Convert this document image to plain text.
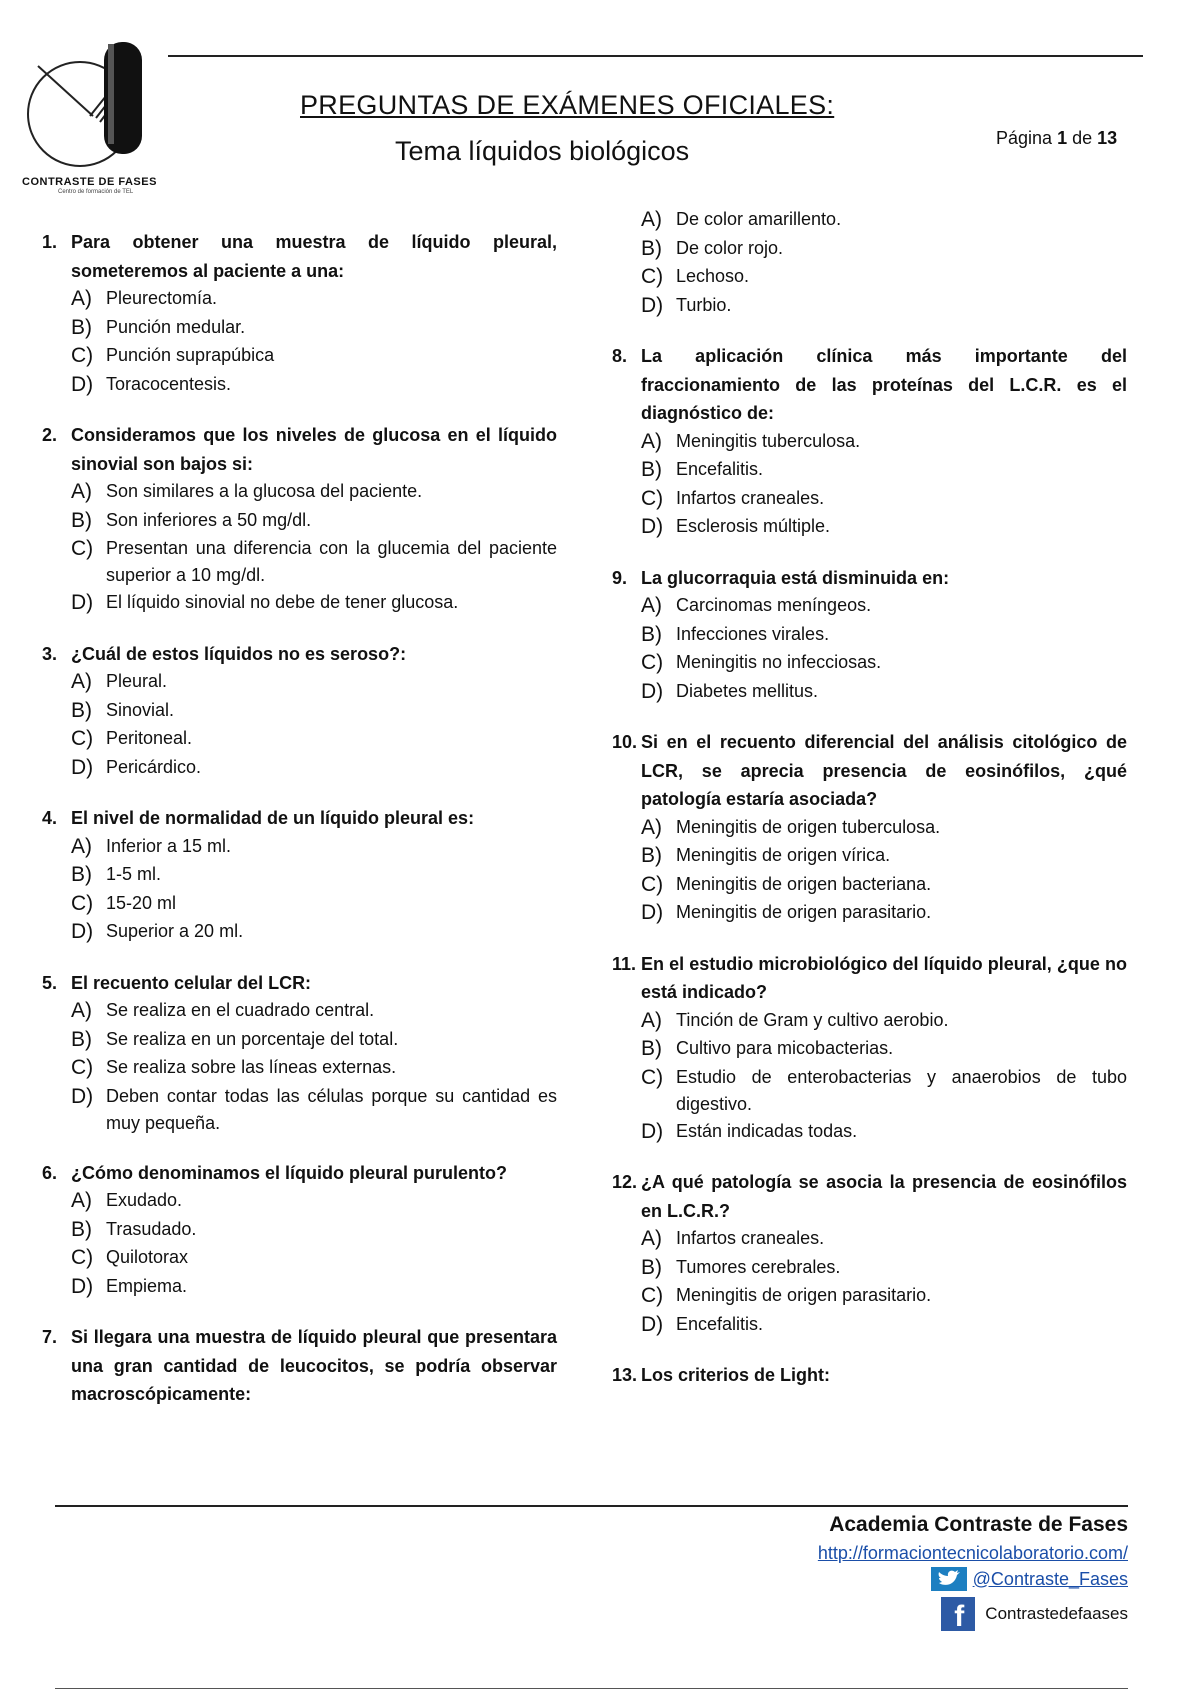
CONTRASTE DE FASES
Centro de formación de TEL
PREGUNTAS DE EXÁMENES OFICIALES:
Tema líquidos biológicos	Página 1 de 13
1. Para obtener una muestra de líquido pleural, someteremos al paciente a una:
A) Pleurectomía.
B) Punción medular.
C) Punción suprapúbica
D) Toracocentesis.
2. Consideramos que los niveles de glucosa en el líquido sinovial son bajos si:
A) Son similares a la glucosa del paciente.
B) Son inferiores a 50 mg/dl.
C) Presentan una diferencia con la glucemia del paciente superior a 10 mg/dl.
D) El líquido sinovial no debe de tener glucosa.
3. ¿Cuál de estos líquidos no es seroso?:
A) Pleural.
B) Sinovial.
C) Peritoneal.
D) Pericárdico.
4. El nivel de normalidad de un líquido pleural es:
A) Inferior a 15 ml.
B) 1-5 ml.
C) 15-20 ml
D) Superior a 20 ml.
5. El recuento celular del LCR:
A) Se realiza en el cuadrado central.
B) Se realiza en un porcentaje del total.
C) Se realiza sobre las líneas externas.
D) Deben contar todas las células porque su cantidad es muy pequeña.
6. ¿Cómo denominamos el líquido pleural purulento?
A) Exudado.
B) Trasudado.
C) Quilotorax
D) Empiema.
7. Si llegara una muestra de líquido pleural que presentara una gran cantidad de leucocitos, se podría observar macroscópicamente:
A) De color amarillento.
B) De color rojo.
C) Lechoso.
D) Turbio.
8. La aplicación clínica más importante del fraccionamiento de las proteínas del L.C.R. es el diagnóstico de:
A) Meningitis tuberculosa.
B) Encefalitis.
C) Infartos craneales.
D) Esclerosis múltiple.
9. La glucorraquia está disminuida en:
A) Carcinomas meníngeos.
B) Infecciones virales.
C) Meningitis no infecciosas.
D) Diabetes mellitus.
10. Si en el recuento diferencial del análisis citológico de LCR, se aprecia presencia de eosinófilos, ¿qué patología estaría asociada?
A) Meningitis de origen tuberculosa.
B) Meningitis de origen vírica.
C) Meningitis de origen bacteriana.
D) Meningitis de origen parasitario.
11. En el estudio microbiológico del líquido pleural, ¿que no está indicado?
A) Tinción de Gram y cultivo aerobio.
B) Cultivo para micobacterias.
C) Estudio de enterobacterias y anaerobios de tubo digestivo.
D) Están indicadas todas.
12. ¿A qué patología se asocia la presencia de eosinófilos en L.C.R.?
A) Infartos craneales.
B) Tumores cerebrales.
C) Meningitis de origen parasitario.
D) Encefalitis.
13. Los criterios de Light:
Academia Contraste de Fases
http://formaciontecnicolaboratorio.com/
@Contraste_Fases
f Contrastedefaases
